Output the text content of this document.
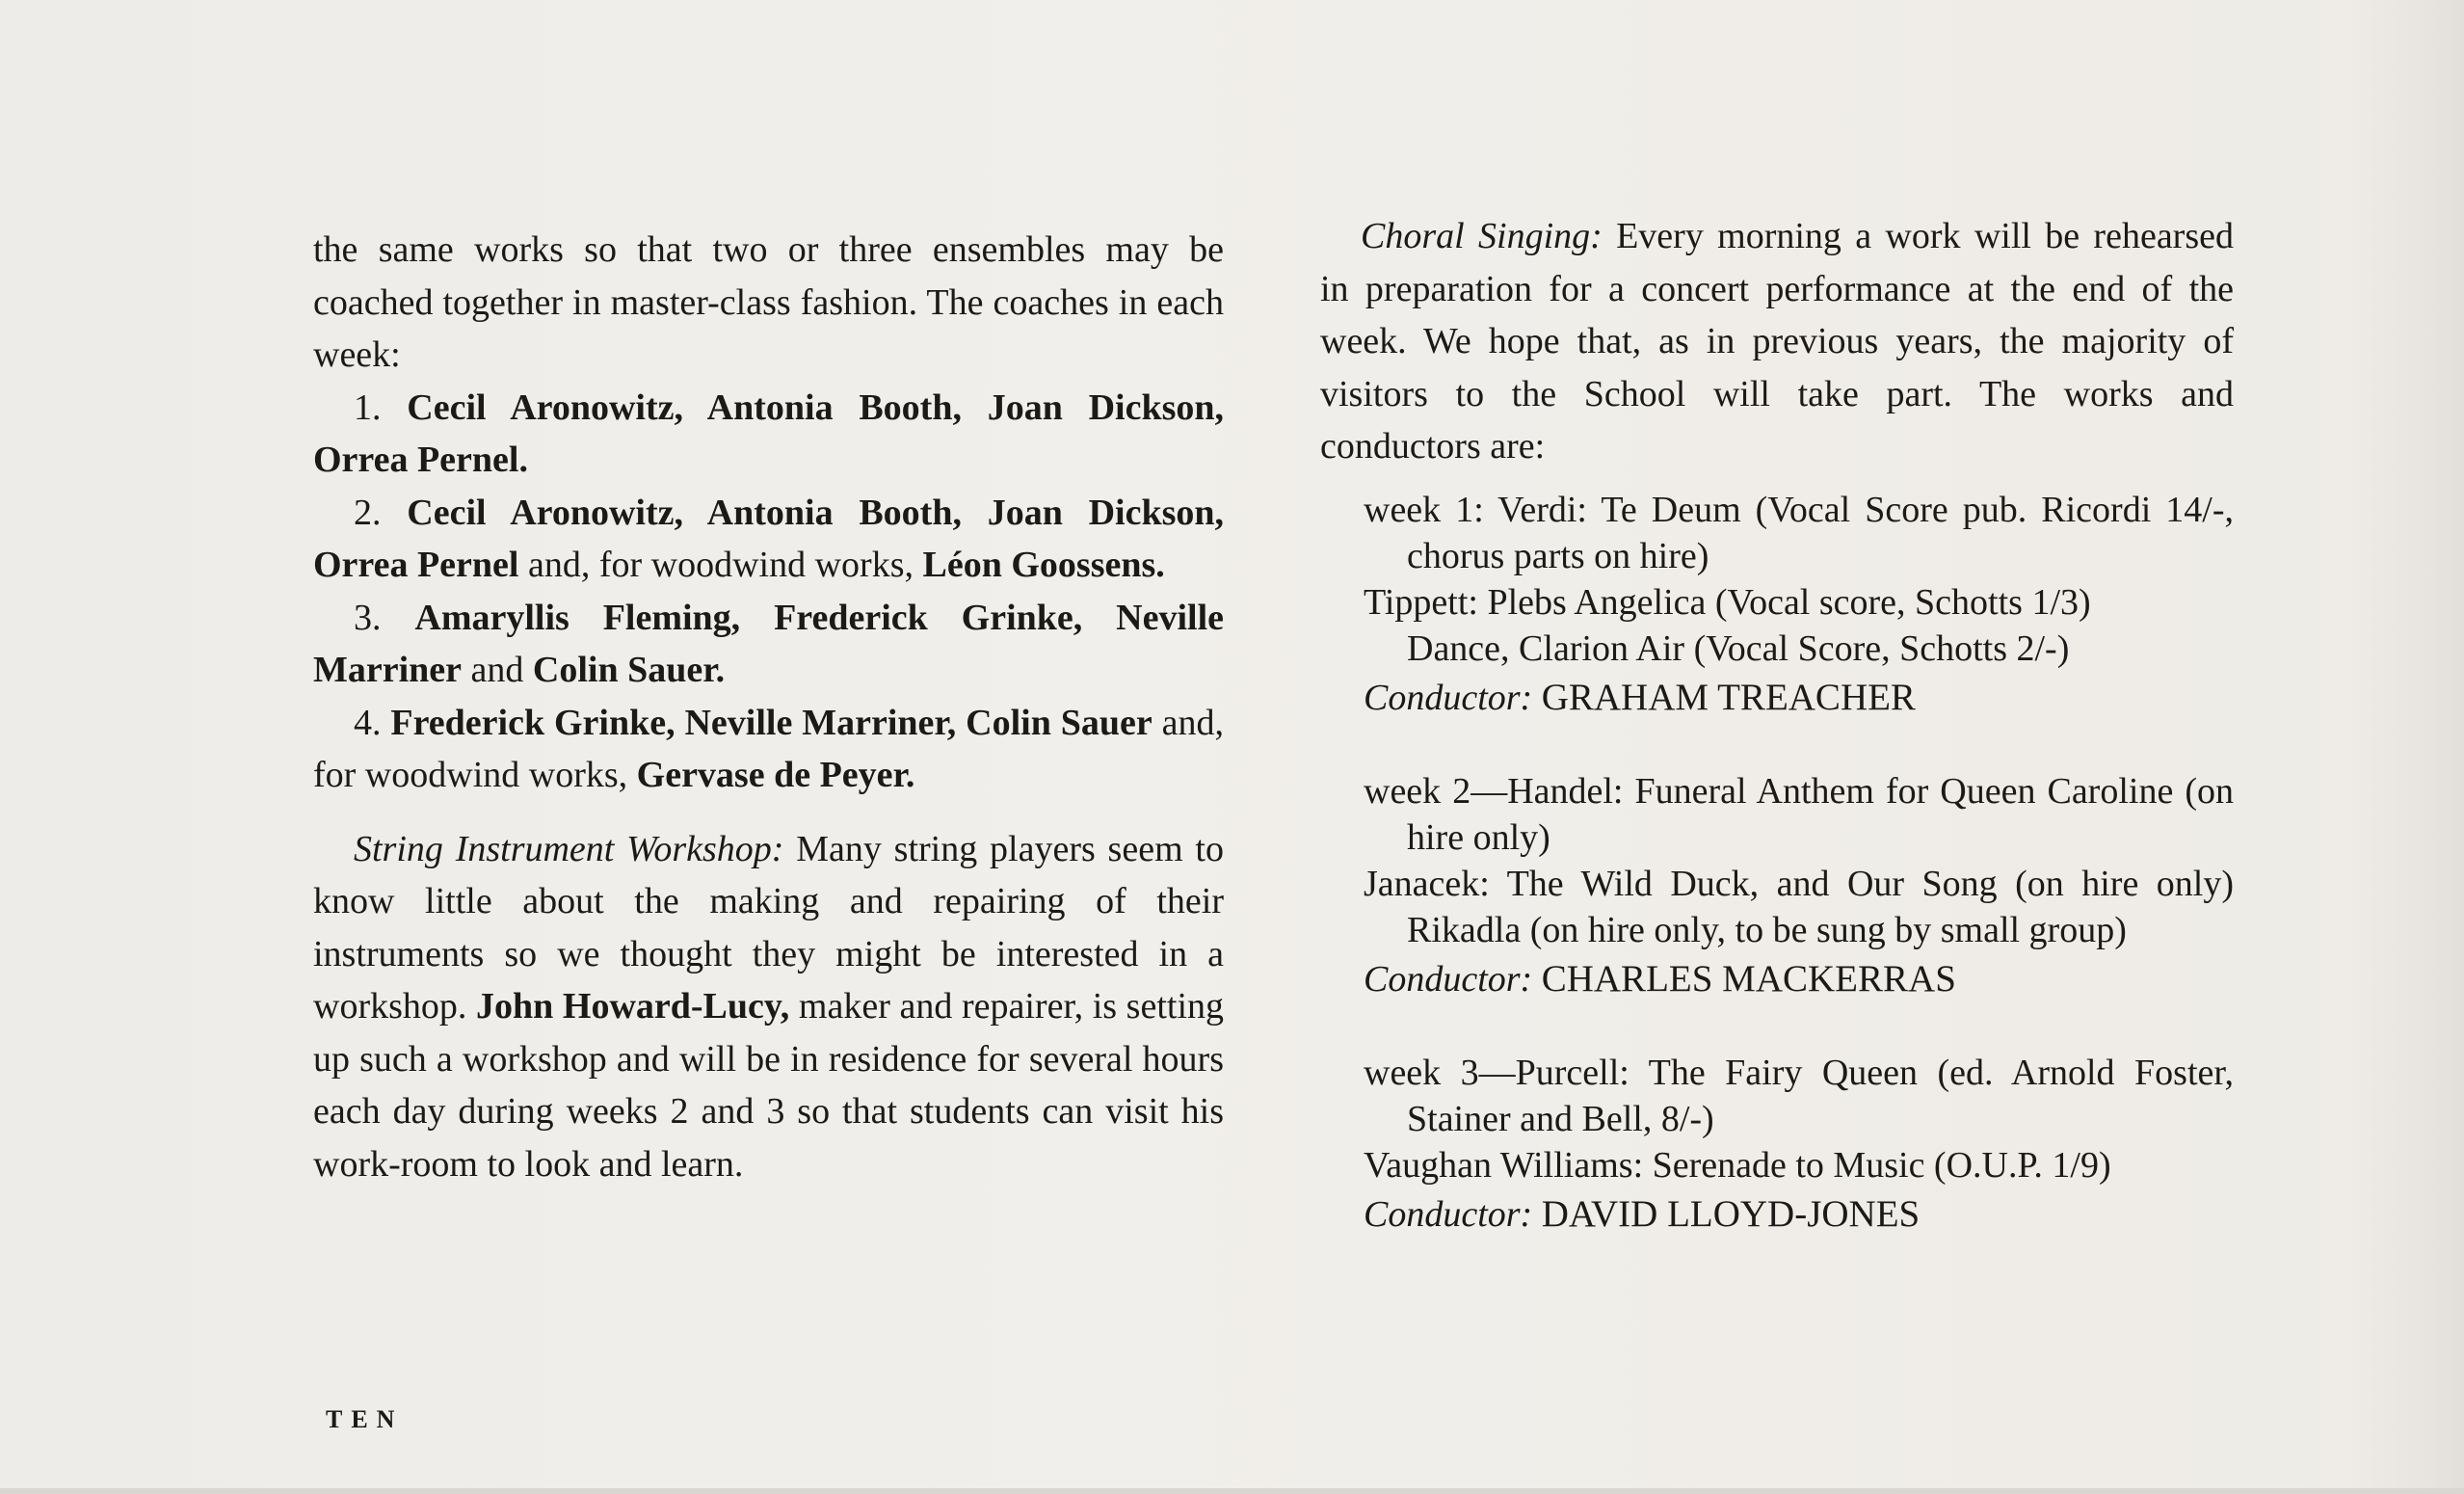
the same works so that two or three ensembles may be coached together in master-class fashion. The coaches in each week:

1. Cecil Aronowitz, Antonia Booth, Joan Dickson, Orrea Pernel.

2. Cecil Aronowitz, Antonia Booth, Joan Dickson, Orrea Pernel and, for woodwind works, Léon Goossens.

3. Amaryllis Fleming, Frederick Grinke, Neville Marriner and Colin Sauer.

4. Frederick Grinke, Neville Marriner, Colin Sauer and, for woodwind works, Gervase de Peyer.

String Instrument Workshop: Many string players seem to know little about the making and repairing of their instruments so we thought they might be interested in a workshop. John Howard-Lucy, maker and repairer, is setting up such a workshop and will be in residence for several hours each day during weeks 2 and 3 so that students can visit his work-room to look and learn.

Choral Singing: Every morning a work will be rehearsed in preparation for a concert performance at the end of the week. We hope that, as in previous years, the majority of visitors to the School will take part. The works and conductors are:

week 1: Verdi: Te Deum (Vocal Score pub. Ricordi 14/-, chorus parts on hire)

Tippett: Plebs Angelica (Vocal score, Schotts 1/3)

Dance, Clarion Air (Vocal Score, Schotts 2/-)

Conductor: GRAHAM TREACHER

week 2—Handel: Funeral Anthem for Queen Caroline (on hire only)

Janacek: The Wild Duck, and Our Song (on hire only) Rikadla (on hire only, to be sung by small group)

Conductor: CHARLES MACKERRAS

week 3—Purcell: The Fairy Queen (ed. Arnold Foster, Stainer and Bell, 8/-)

Vaughan Williams: Serenade to Music (O.U.P. 1/9)

Conductor: DAVID LLOYD-JONES

TEN
